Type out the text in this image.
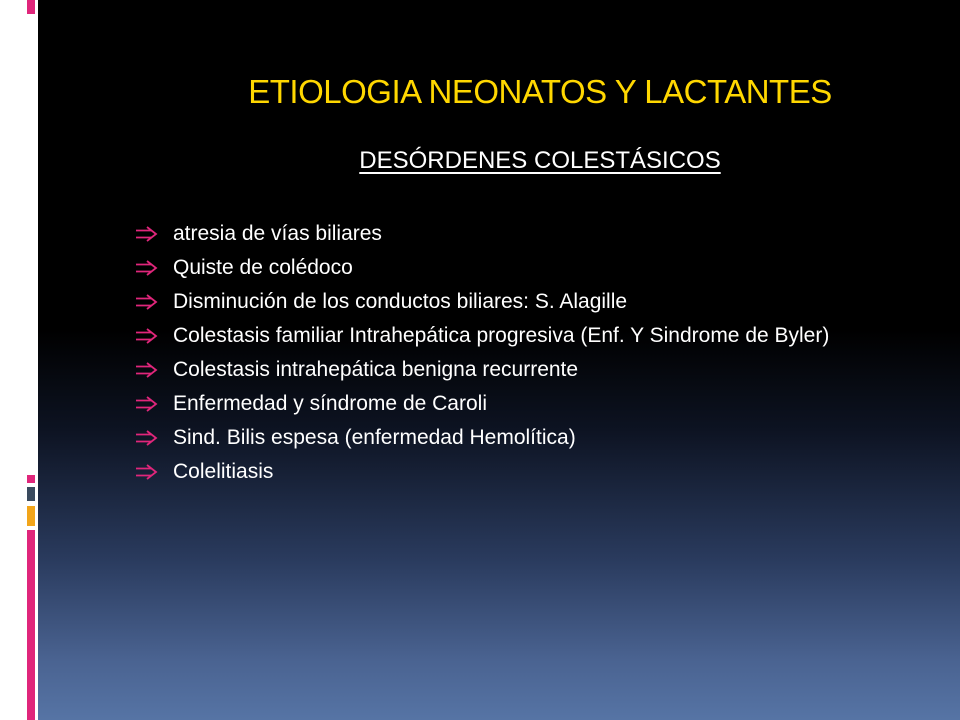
ETIOLOGIA NEONATOS Y LACTANTES
DESÓRDENES COLESTÁSICOS
atresia de vías biliares
Quiste de colédoco
Disminución de los conductos biliares: S. Alagille
Colestasis familiar Intrahepática progresiva (Enf. Y Sindrome de Byler)
Colestasis intrahepática benigna recurrente
Enfermedad y síndrome de Caroli
Sind. Bilis espesa (enfermedad Hemolítica)
Colelitiasis
